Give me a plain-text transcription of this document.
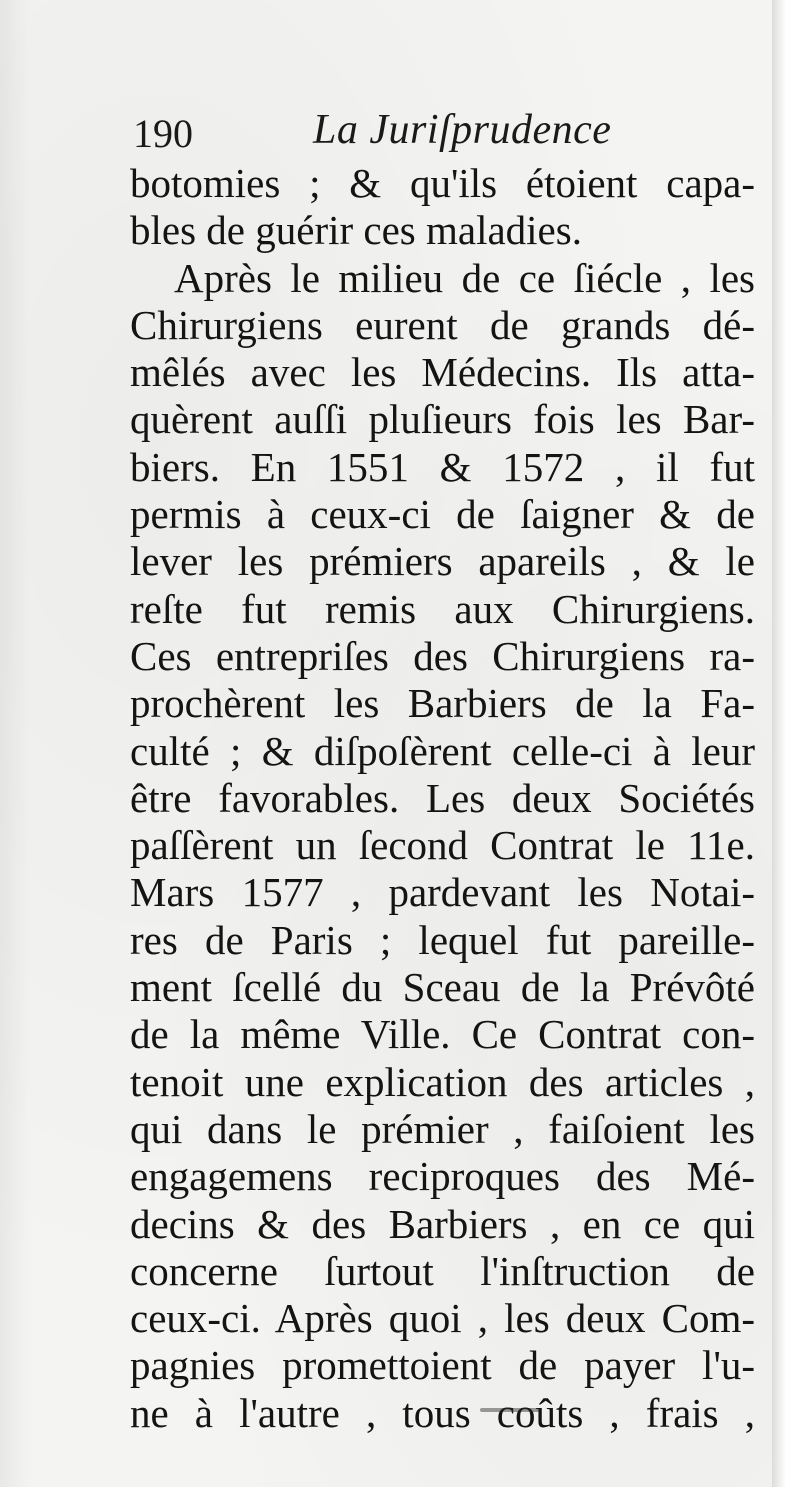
190	La Juriſprudence
botomies ; & qu'ils étoient capa-
bles de guérir ces maladies.
Après le milieu de ce ſiécle , les
Chirurgiens eurent de grands dé-
mêlés avec les Médecins. Ils atta-
quèrent auſſi pluſieurs fois les Bar-
biers. En 1551 & 1572 , il fut
permis à ceux-ci de ſaigner & de
lever les prémiers apareils , & le
reſte fut remis aux Chirurgiens.
Ces entrepriſes des Chirurgiens ra-
prochèrent les Barbiers de la Fa-
culté ; & diſpoſèrent celle-ci à leur
être favorables. Les deux Sociétés
paſſèrent un ſecond Contrat le 11e.
Mars 1577 , pardevant les Notai-
res de Paris ; lequel fut pareille-
ment ſcellé du Sceau de la Prévôté
de la même Ville. Ce Contrat con-
tenoit une explication des articles ,
qui dans le prémier , faiſoient les
engagemens reciproques des Mé-
decins & des Barbiers , en ce qui
concerne ſurtout l'inſtruction de
ceux-ci. Après quoi , les deux Com-
pagnies promettoient de payer l'u-
ne à l'autre , tous coûts , frais ,
